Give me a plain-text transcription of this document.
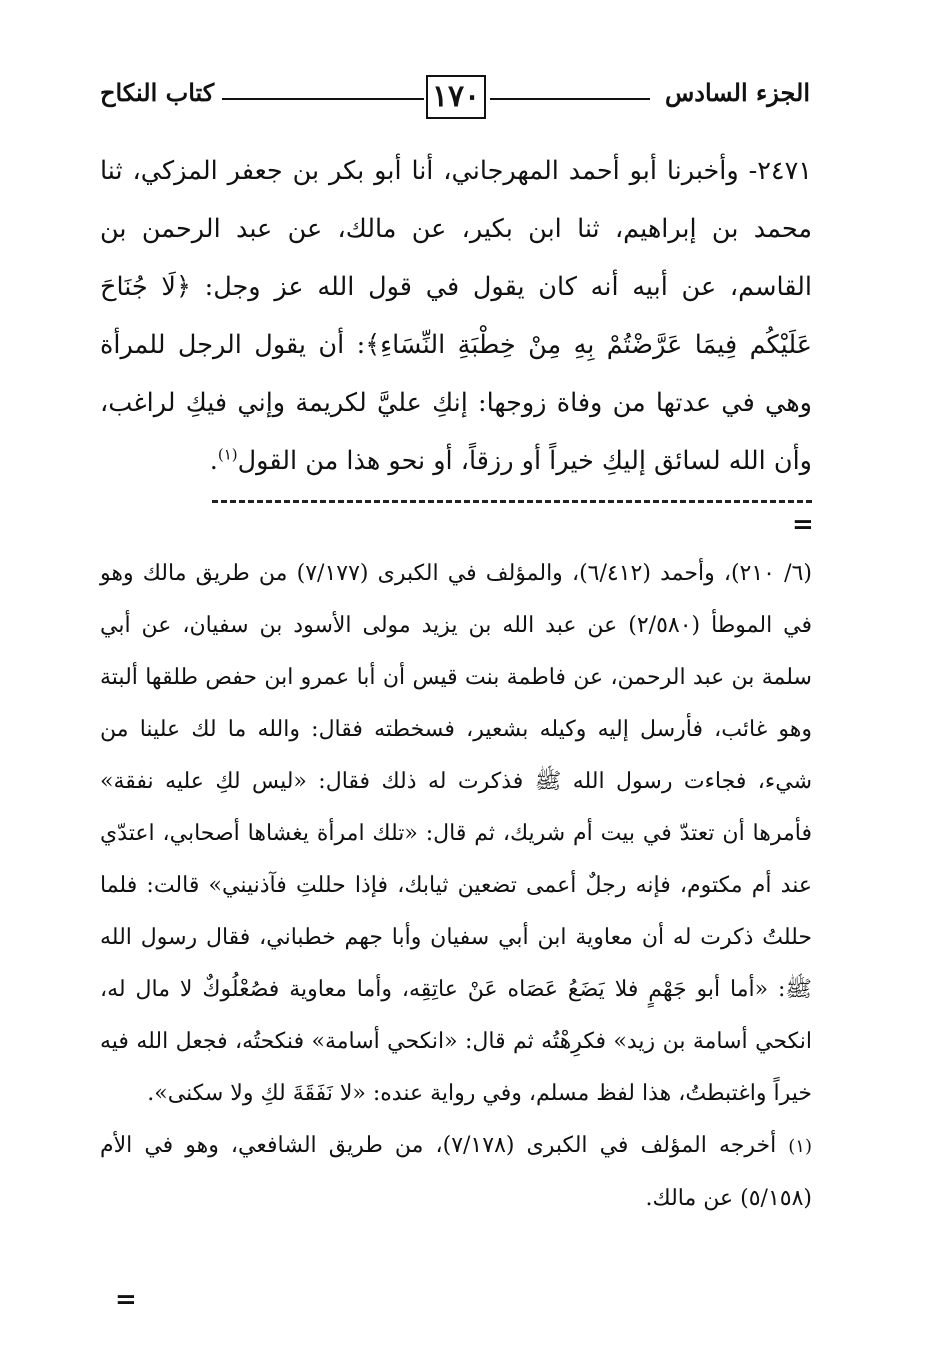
الجزء السادس
١٧٠
كتاب النكاح

٢٤٧١- وأخبرنا أبو أحمد المهرجاني، أنا أبو بكر بن جعفر المزكي، ثنا محمد بن إبراهيم، ثنا ابن بكير، عن مالك، عن عبد الرحمن بن القاسم، عن أبيه أنه كان يقول في قول الله عز وجل: ﴿لَا جُنَاحَ عَلَيْكُم فِيمَا عَرَّضْتُمْ بِهِ مِنْ خِطْبَةِ النِّسَاءِ﴾: أن يقول الرجل للمرأة وهي في عدتها من وفاة زوجها: إنكِ عليَّ لكريمة وإني فيكِ لراغب، وأن الله لسائق إليكِ خيراً أو رزقاً، أو نحو هذا من القول$^{(١)}$.

=

(٦/ ٢١٠)، وأحمد (٦/٤١٢)، والمؤلف في الكبرى (٧/١٧٧) من طريق مالك وهو في الموطأ (٢/٥٨٠) عن عبد الله بن يزيد مولى الأسود بن سفيان، عن أبي سلمة بن عبد الرحمن، عن فاطمة بنت قيس أن أبا عمرو ابن حفص طلقها ألبتة وهو غائب، فأرسل إليه وكيله بشعير، فسخطته فقال: والله ما لك علينا من شيء، فجاءت رسول الله ﷺ فذكرت له ذلك فقال: «ليس لكِ عليه نفقة» فأمرها أن تعتدّ في بيت أم شريك، ثم قال: «تلك امرأة يغشاها أصحابي، اعتدّي عند أم مكتوم، فإنه رجلٌ أعمى تضعين ثيابك، فإذا حللتِ فآذنيني» قالت: فلما حللتُ ذكرت له أن معاوية ابن أبي سفيان وأبا جهم خطباني، فقال رسول الله ﷺ: «أما أبو جَهْمٍ فلا يَضَعُ عَصَاه عَنْ عاتِقِه، وأما معاوية فصُعْلُوكٌ لا مال له، انكحي أسامة بن زيد» فكرِهْتُه ثم قال: «انكحي أسامة» فنكحتُه، فجعل الله فيه خيراً واغتبطتُ، هذا لفظ مسلم، وفي رواية عنده: «لا نَفَقَةَ لكِ ولا سكنى».

(١) أخرجه المؤلف في الكبرى (٧/١٧٨)، من طريق الشافعي، وهو في الأم (٥/١٥٨) عن مالك.

=
